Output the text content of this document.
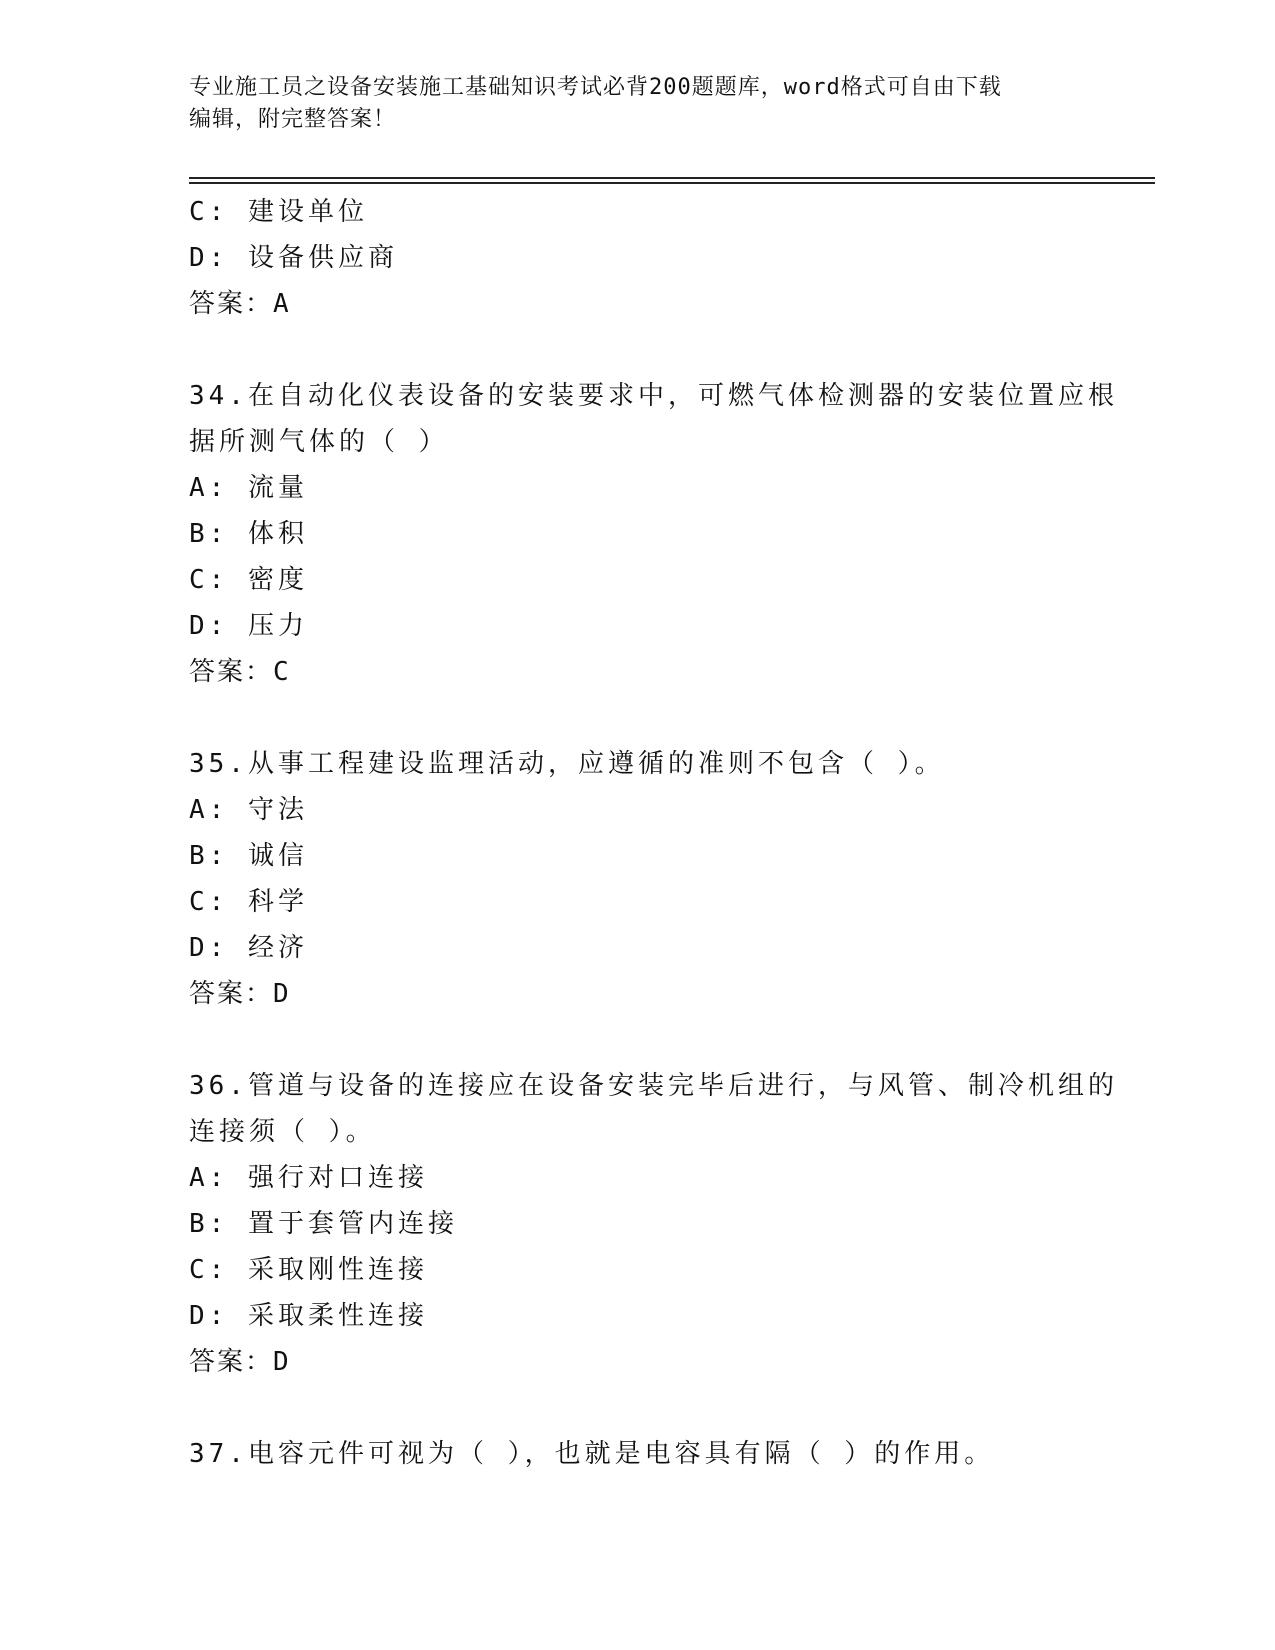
专业施工员之设备安装施工基础知识考试必背200题题库，word格式可自由下载
编辑，附完整答案！
C: 建设单位
D: 设备供应商
答案：A
34.在自动化仪表设备的安装要求中，可燃气体检测器的安装位置应根
据所测气体的（ ）
A: 流量
B: 体积
C: 密度
D: 压力
答案：C
35.从事工程建设监理活动，应遵循的准则不包含（ ）。
A: 守法
B: 诚信
C: 科学
D: 经济
答案：D
36.管道与设备的连接应在设备安装完毕后进行，与风管、制冷机组的
连接须（ ）。
A: 强行对口连接
B: 置于套管内连接
C: 采取刚性连接
D: 采取柔性连接
答案：D
37.电容元件可视为（ ），也就是电容具有隔（ ）的作用。
